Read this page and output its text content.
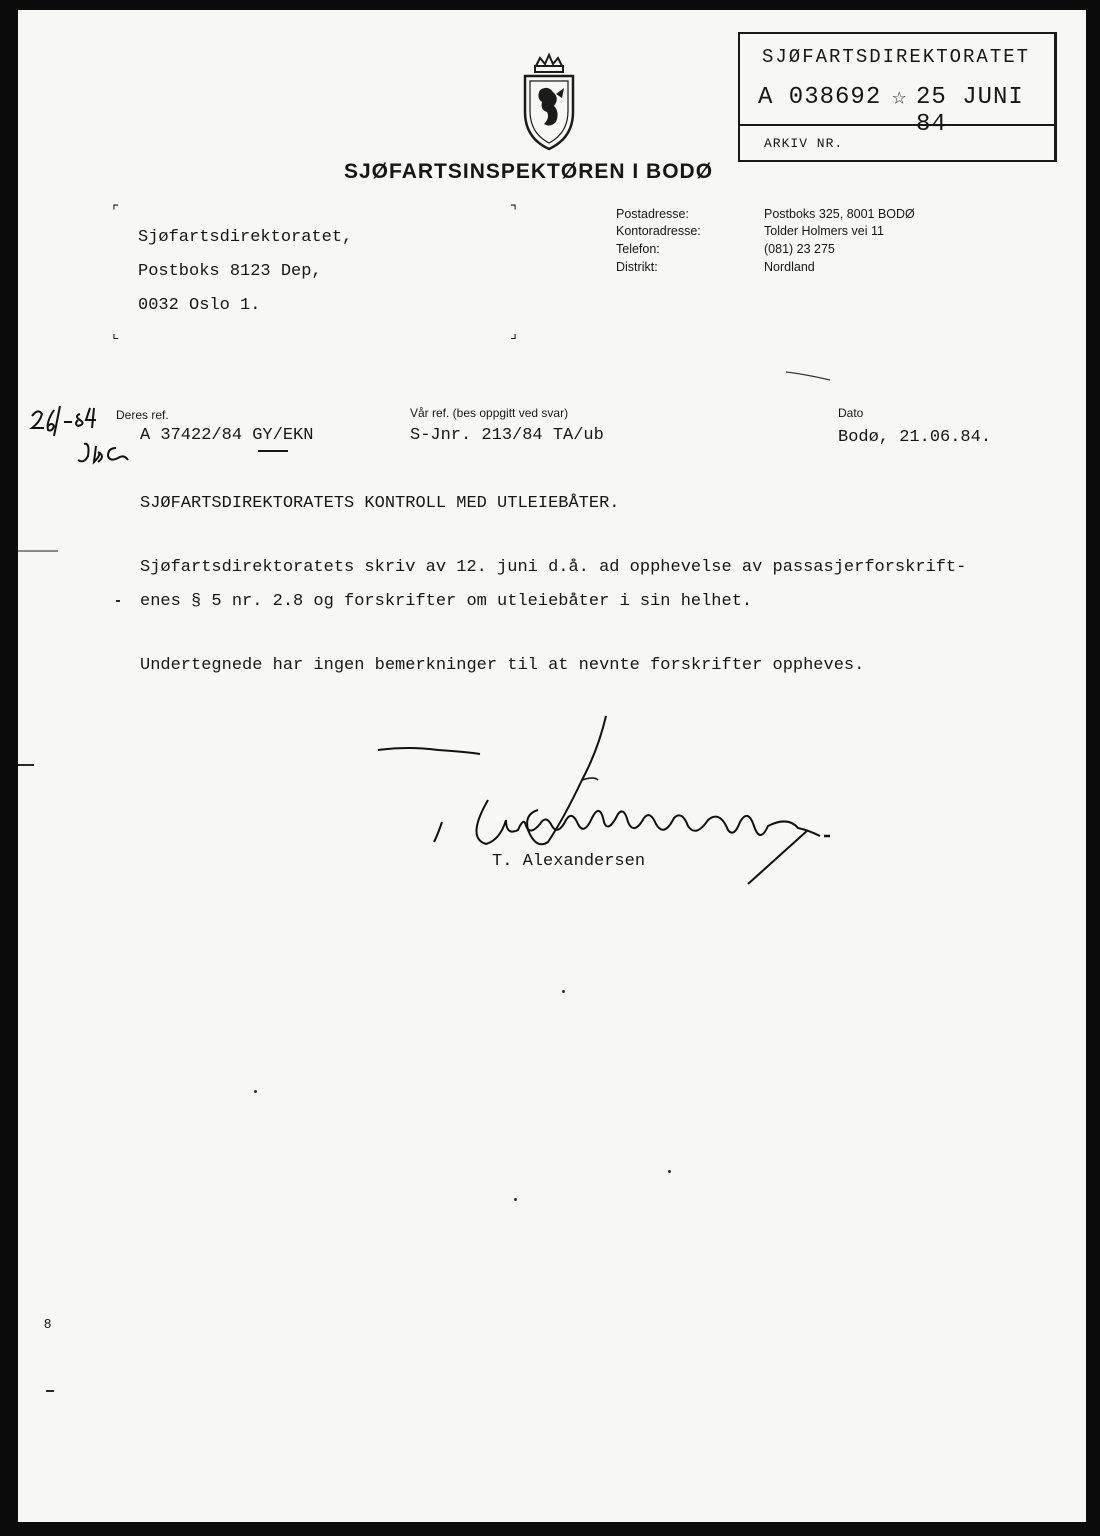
SJØFARTSDIREKTORATET
A 038692 ☆ 25 JUNI 84
ARKIV NR.
SJØFARTSINSPEKTØREN I BODØ
⌜	⌝
⌞	⌟
Sjøfartsdirektoratet,
Postboks 8123 Dep,
0032 Oslo 1.
Postadresse:	Postboks 325, 8001 BODØ
Kontoradresse:	Tolder Holmers vei 11
Telefon:	(081) 23 275
Distrikt:	Nordland
Deres ref.
A 37422/84 GY/EKN
Vår ref. (bes oppgitt ved svar)
S-Jnr. 213/84 TA/ub
Dato
Bodø, 21.06.84.
SJØFARTSDIREKTORATETS KONTROLL MED UTLEIEBÅTER.
Sjøfartsdirektoratets skriv av 12. juni d.å. ad opphevelse av passasjerforskrift-
enes § 5 nr. 2.8 og forskrifter om utleiebåter i sin helhet.
Undertegnede har ingen bemerkninger til at nevnte forskrifter oppheves.
T. Alexandersen
8
